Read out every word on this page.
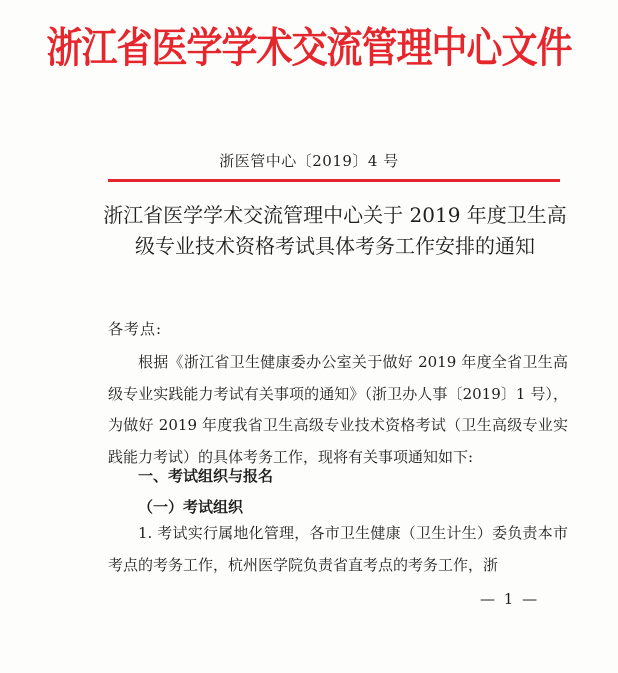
浙江省医学学术交流管理中心文件
浙医管中心〔2019〕4 号
浙江省医学学术交流管理中心关于 2019 年度卫生高级专业技术资格考试具体考务工作安排的通知
各考点:
根据《浙江省卫生健康委办公室关于做好 2019 年度全省卫生高级专业实践能力考试有关事项的通知》（浙卫办人事〔2019〕1 号），为做好 2019 年度我省卫生高级专业技术资格考试（卫生高级专业实践能力考试）的具体考务工作，现将有关事项通知如下:
一、考试组织与报名
（一）考试组织
1. 考试实行属地化管理，各市卫生健康（卫生计生）委负责本市考点的考务工作，杭州医学院负责省直考点的考务工作，浙
— 1 —
